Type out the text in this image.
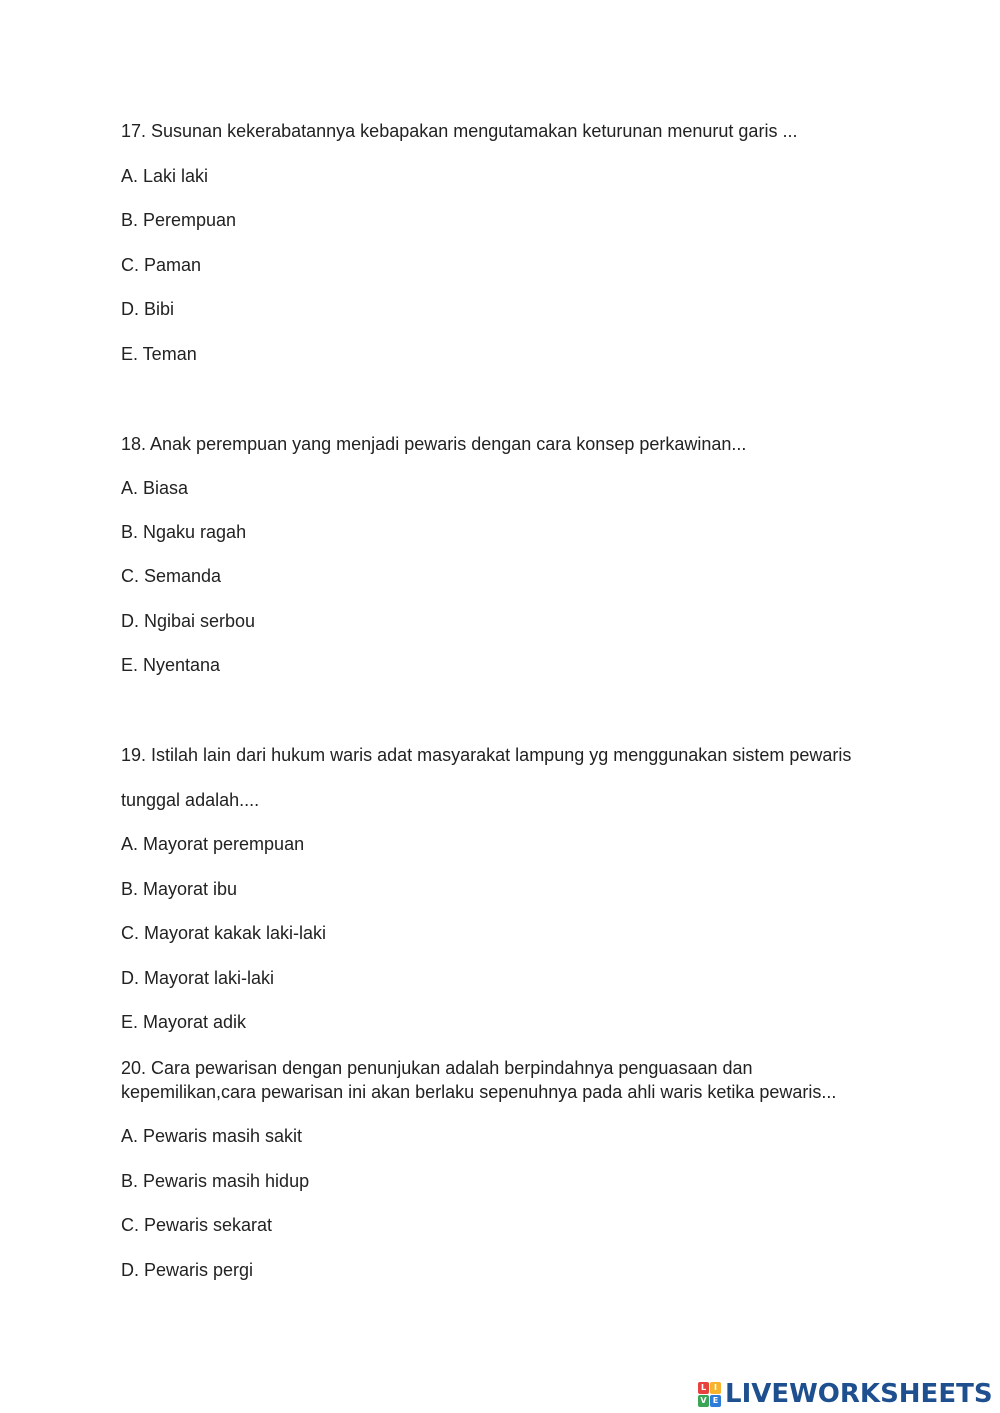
17. Susunan kekerabatannya kebapakan mengutamakan keturunan menurut garis ...
A. Laki laki
B. Perempuan
C. Paman
D. Bibi
E. Teman
18. Anak perempuan yang menjadi pewaris dengan cara konsep perkawinan...
A. Biasa
B. Ngaku ragah
C. Semanda
D. Ngibai serbou
E. Nyentana
19. Istilah lain dari hukum waris adat masyarakat lampung yg menggunakan sistem pewaris
tunggal adalah....
A. Mayorat perempuan
B. Mayorat ibu
C. Mayorat kakak laki-laki
D. Mayorat laki-laki
E. Mayorat adik
20. Cara pewarisan dengan penunjukan adalah berpindahnya penguasaan dan
kepemilikan,cara pewarisan ini akan berlaku sepenuhnya pada ahli waris ketika pewaris...
A. Pewaris masih sakit
B. Pewaris masih hidup
C. Pewaris sekarat
D. Pewaris pergi
L I
V E LIVEWORKSHEETS
